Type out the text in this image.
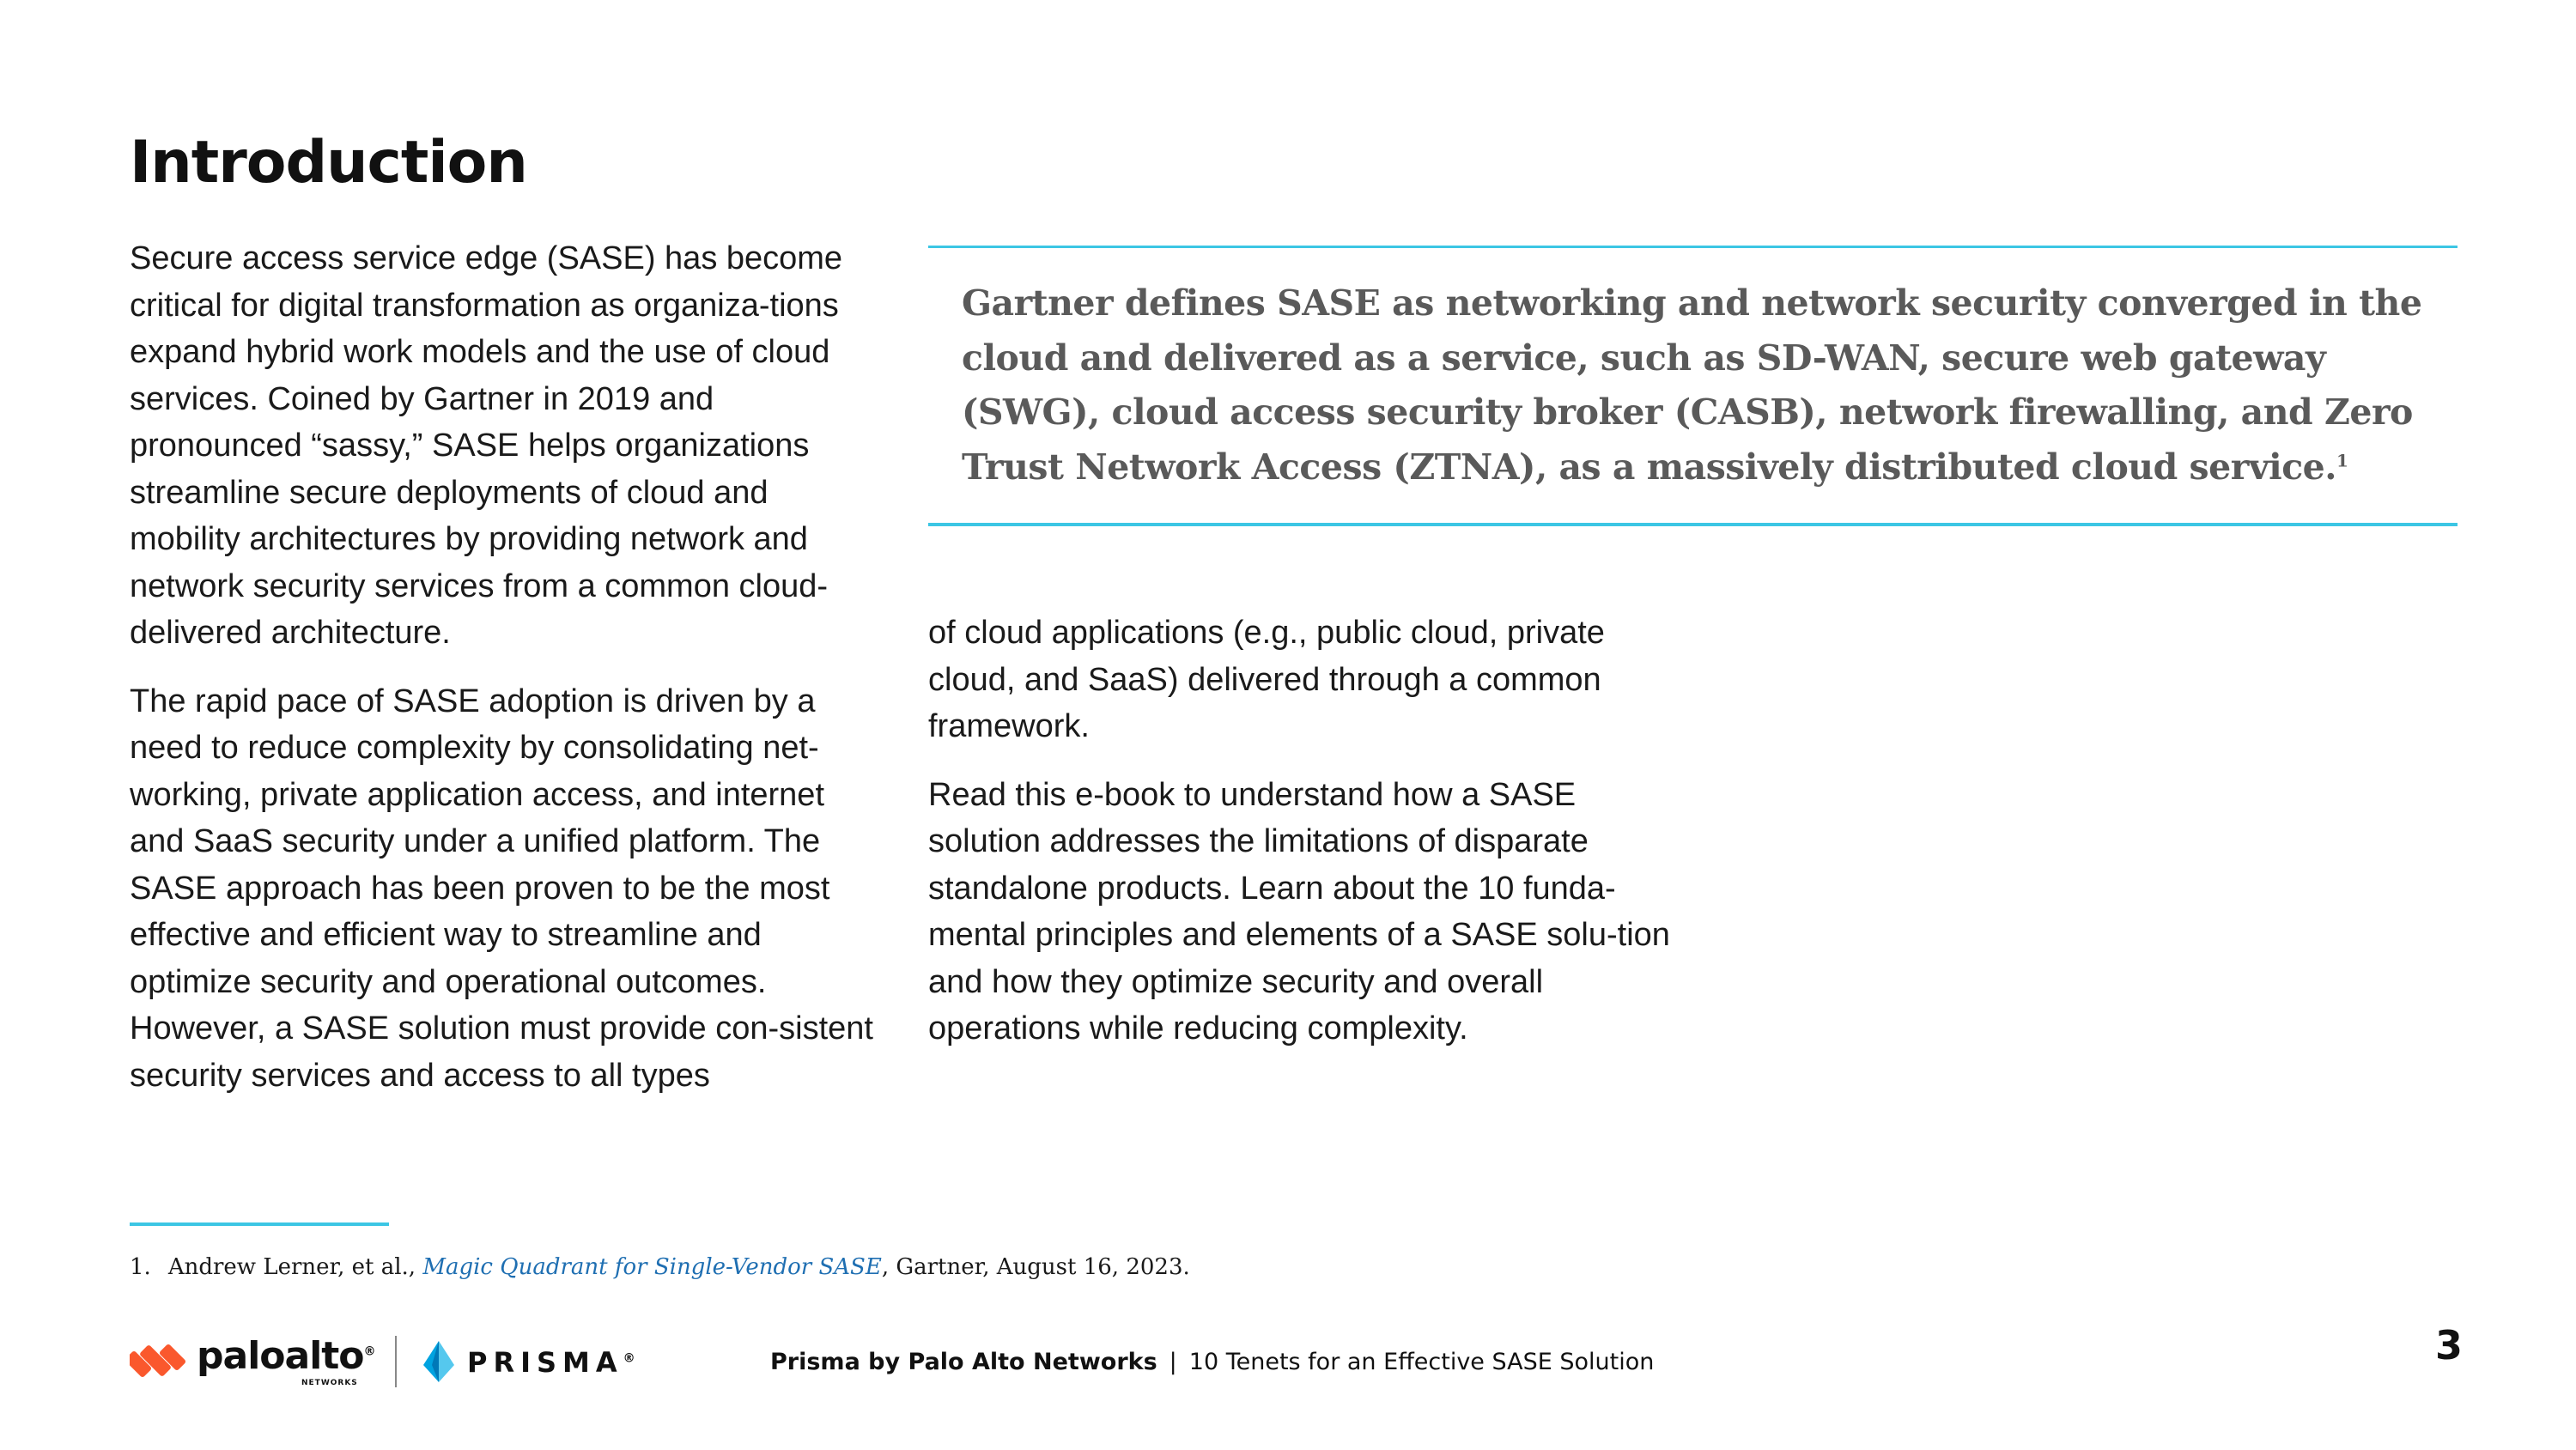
Introduction

Secure access service edge (SASE) has become critical for digital transformation as organiza-tions expand hybrid work models and the use of cloud services. Coined by Gartner in 2019 and pronounced “sassy,” SASE helps organizations streamline secure deployments of cloud and mobility architectures by providing network and network security services from a common cloud-delivered architecture.

The rapid pace of SASE adoption is driven by a need to reduce complexity by consolidating net-working, private application access, and internet and SaaS security under a unified platform. The SASE approach has been proven to be the most effective and efficient way to streamline and optimize security and operational outcomes. However, a SASE solution must provide con-sistent security services and access to all types

Gartner defines SASE as networking and network security converged in the cloud and delivered as a service, such as SD-WAN, secure web gateway (SWG), cloud access security broker (CASB), network firewalling, and Zero Trust Network Access (ZTNA), as a massively distributed cloud service.$^1$

of cloud applications (e.g., public cloud, private cloud, and SaaS) delivered through a common framework.

Read this e-book to understand how a SASE solution addresses the limitations of disparate standalone products. Learn about the 10 funda-mental principles and elements of a SASE solu-tion and how they optimize security and overall operations while reducing complexity.

1. Andrew Lerner, et al., Magic Quadrant for Single-Vendor SASE, Gartner, August 16, 2023.
paloalto®
NETWORKS
PRISMA®	Prisma by Palo Alto Networks | 10 Tenets for an Effective SASE Solution	3
